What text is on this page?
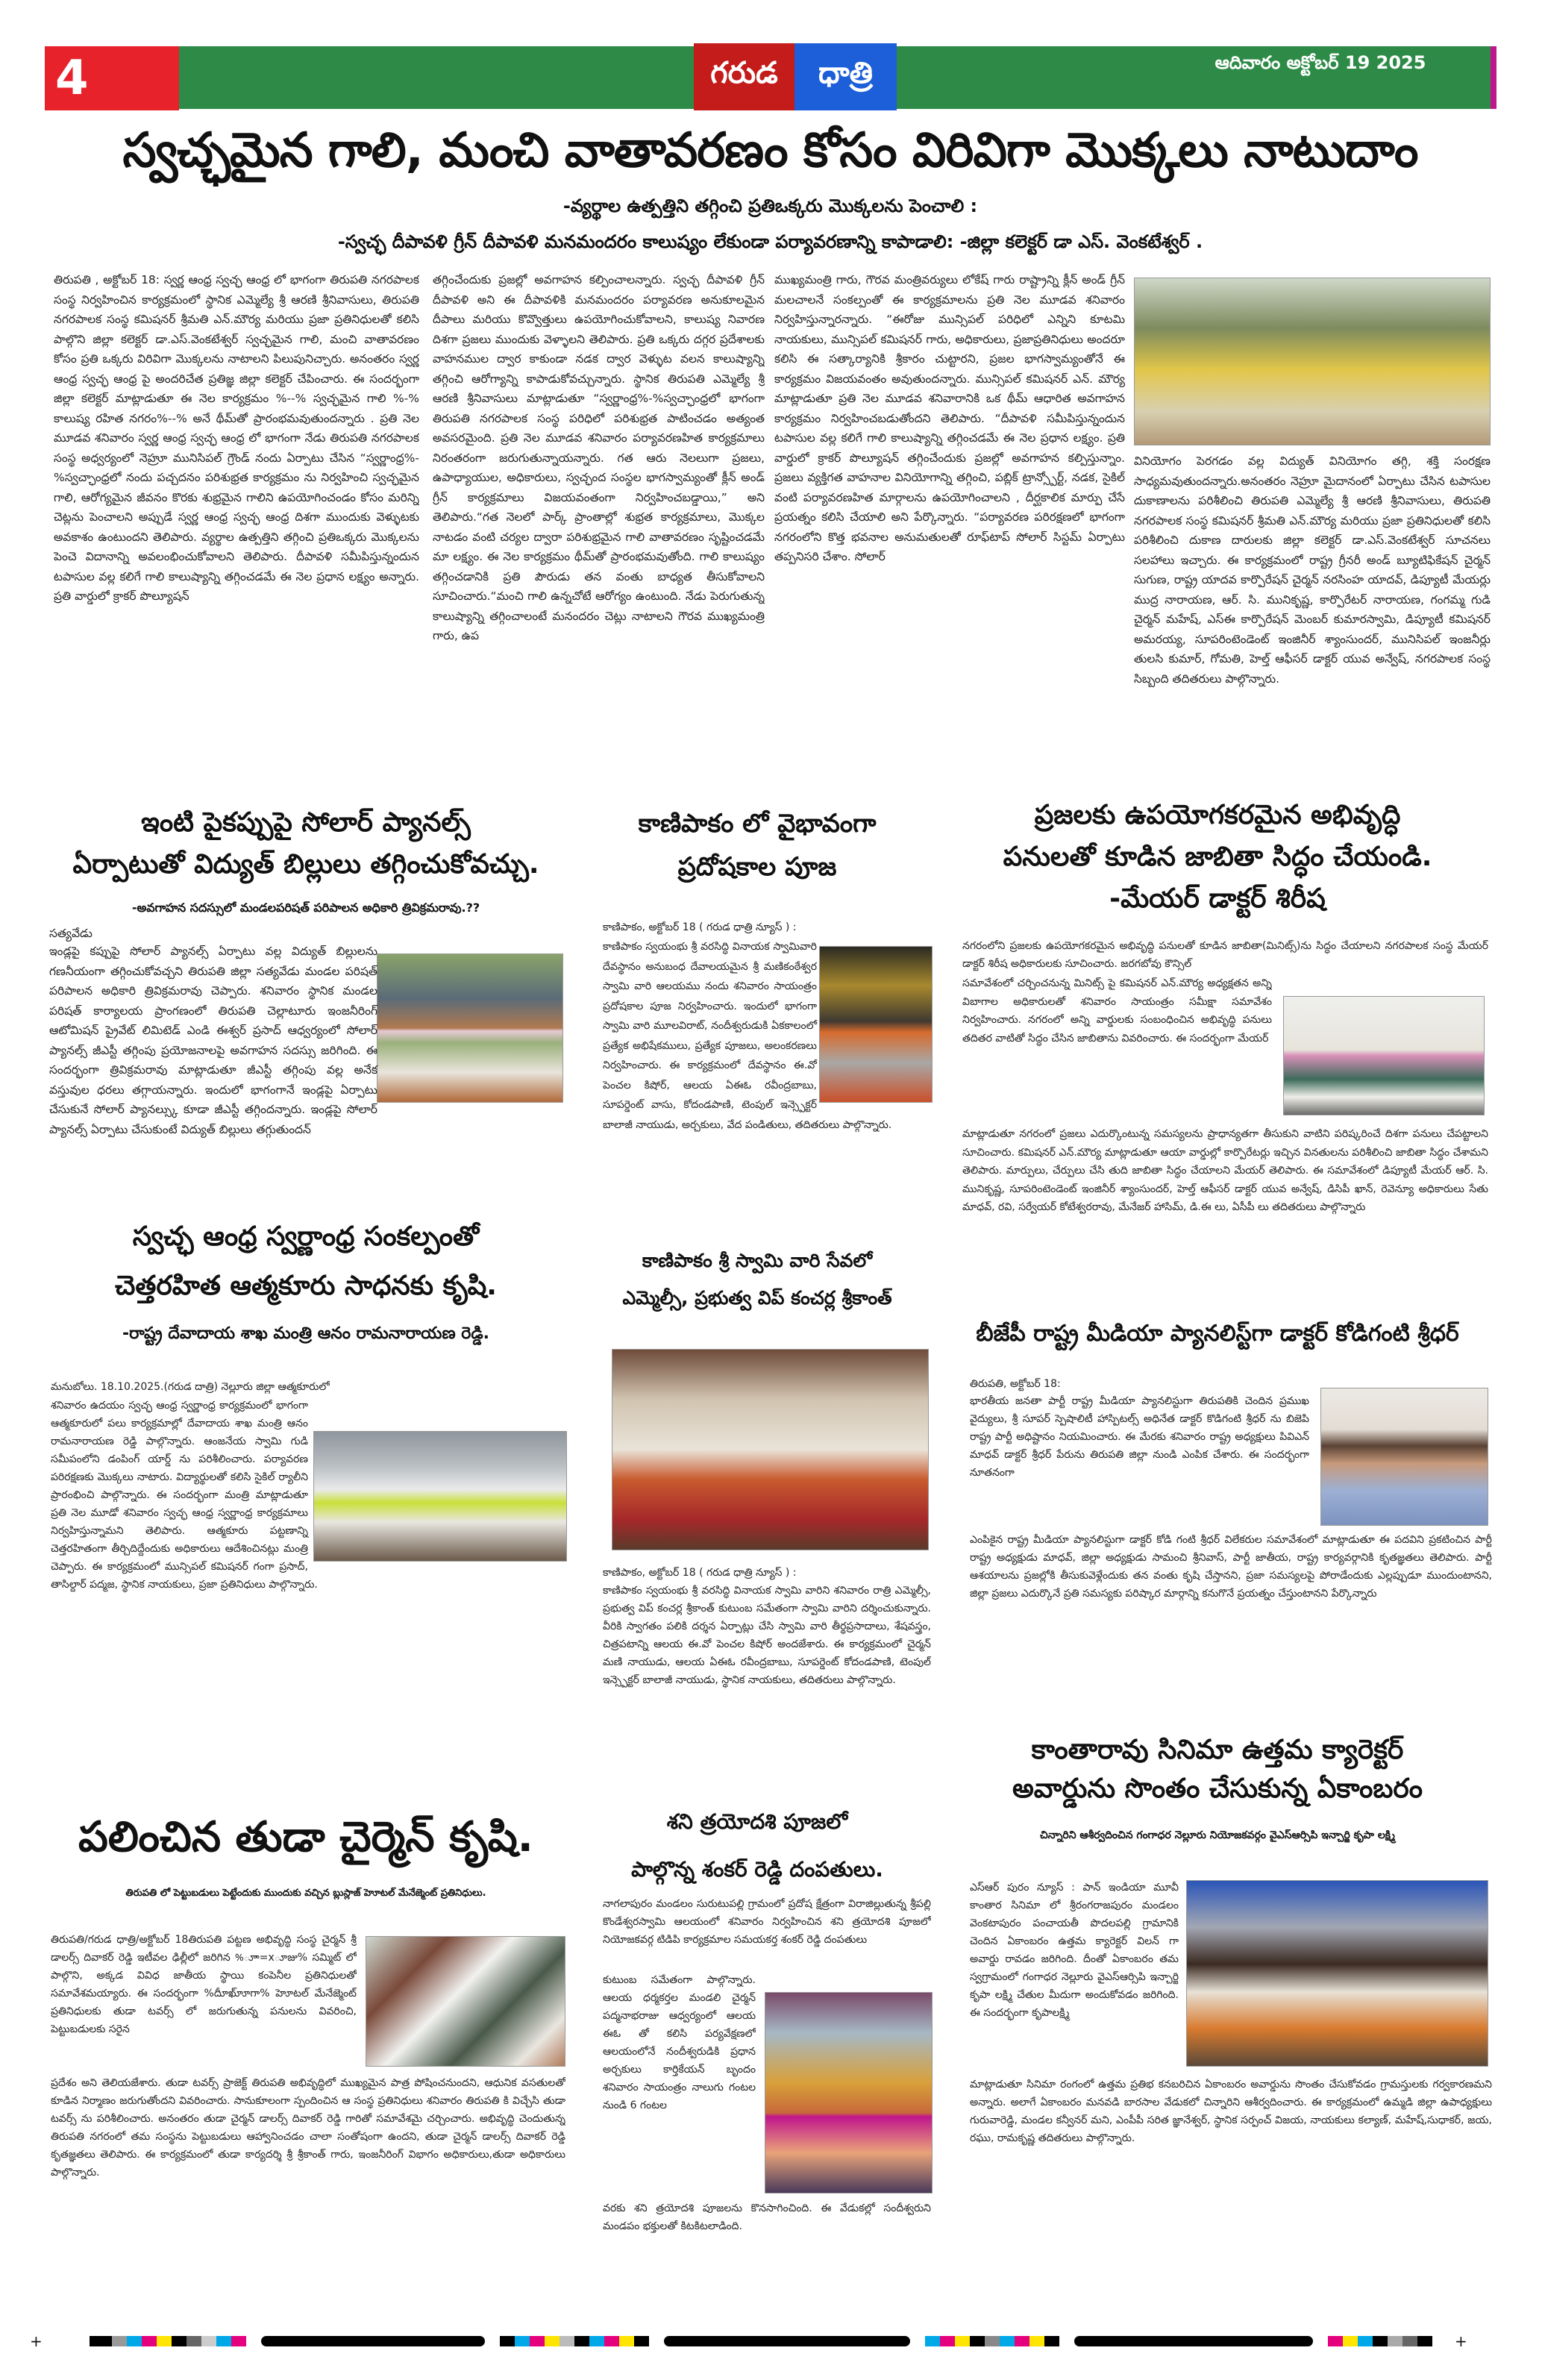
4	గరుడ	ధాత్రి	ఆదివారం అక్టోబర్ 19 2025
స్వచ్ఛమైన గాలి, మంచి వాతావరణం కోసం విరివిగా మొక్కలు నాటుదాం
-వ్యర్థాల ఉత్పత్తిని తగ్గించి ప్రతిఒక్కరు మొక్కలను పెంచాలి :
-స్వచ్ఛ దీపావళి గ్రీన్ దీపావళి మనమందరం కాలుష్యం లేకుండా పర్యావరణాన్ని కాపాడాలి: -జిల్లా కలెక్టర్ డా ఎస్. వెంకటేశ్వర్ .
తిరుపతి , అక్టోబర్ 18: స్వర్ణ ఆంధ్ర స్వచ్ఛ ఆంధ్ర లో భాగంగా తిరుపతి నగరపాలక సంస్థ నిర్వహించిన కార్యక్రమంలో స్థానిక ఎమ్మెల్యే శ్రీ ఆరణి శ్రీనివాసులు, తిరుపతి నగరపాలక సంస్థ కమిషనర్ శ్రీమతి ఎన్.మౌర్య మరియు ప్రజా ప్రతినిధులతో కలిసి పాల్గొని జిల్లా కలెక్టర్ డా.ఎస్.వెంకటేశ్వర్ స్వచ్ఛమైన గాలి, మంచి వాతావరణం కోసం ప్రతి ఒక్కరు విరివిగా మొక్కలను నాటాలని పిలుపునిచ్చారు. అనంతరం స్వర్ణ ఆంధ్ర స్వచ్ఛ ఆంధ్ర పై అందరిచేత ప్రతిజ్ఞ జిల్లా కలెక్టర్ చేపించారు. ఈ సందర్భంగా జిల్లా కలెక్టర్ మాట్లాడుతూ ఈ నెల కార్యక్రమం %--% స్వచ్ఛమైన గాలి %-% కాలుష్య రహిత నగరం%--% అనే థీమ్‌తో ప్రారంభమవుతుందన్నారు . ప్రతి నెల మూడవ శనివారం స్వర్ణ ఆంధ్ర స్వచ్ఛ ఆంధ్ర లో భాగంగా నేడు తిరుపతి నగరపాలక సంస్థ అధ్వర్యంలో నెహ్రూ మునిసిపల్ గ్రౌండ్ నందు ఏర్పాటు చేసిన “స్వర్ణాంధ్ర%-%స్వచ్ఛాంధ్రలో నందు పచ్చదనం పరిశుభ్రత కార్యక్రమం ను నిర్వహించి స్వచ్ఛమైన గాలి, ఆరోగ్యమైన జీవనం కొరకు శుభ్రమైన గాలిని ఉపయోగించండం కోసం మరిన్ని చెట్లను పెంచాలని అప్పుడే స్వర్ణ ఆంధ్ర స్వచ్ఛ ఆంధ్ర దిశగా ముందుకు వెళ్ళుటకు అవకాశం ఉంటుందని తెలిపారు. వ్యర్థాల ఉత్పత్తిని తగ్గించి ప్రతిఒక్కరు మొక్కలను పెంచె విదానాన్ని అవలంభించుకోవాలని తెలిపారు. దీపావళి సమీపిస్తున్నందున టపాసుల వల్ల కలిగే గాలి కాలుష్యాన్ని తగ్గించడమే ఈ నెల ప్రధాన లక్ష్యం అన్నారు. ప్రతి వార్డులో క్రాకర్ పొల్యూషన్
తగ్గించేందుకు ప్రజల్లో అవగాహన కల్పించాలన్నారు. స్వచ్ఛ దీపావళి గ్రీన్ దీపావళి అని ఈ దీపావళికి మనమందరం పర్యావరణ అనుకూలమైన దీపాలు మరియు కొవ్వొత్తులు ఉపయోగించుకోవాలని, కాలుష్య నివారణ దిశగా ప్రజలు ముందుకు వెళ్ళాలని తెలిపారు. ప్రతి ఒక్కరు దగ్గర ప్రదేశాలకు వాహనముల ద్వార కాకుండా నడక ద్వార వెళ్ళుట వలన కాలుష్యాన్ని తగ్గించి ఆరోగ్యాన్ని కాపాడుకోవచ్చున్నారు. స్థానిక తిరుపతి ఎమ్మెల్యే శ్రీ ఆరణి శ్రీనివాసులు మాట్లాడుతూ “స్వర్ణాంధ్ర%-%స్వచ్ఛాంధ్రలో భాగంగా తిరుపతి నగరపాలక సంస్థ పరిధిలో పరిశుభ్రత పాటించడం అత్యంత అవసరమైంది. ప్రతి నెల మూడవ శనివారం పర్యావరణహిత కార్యక్రమాలు నిరంతరంగా జరుగుతున్నాయన్నారు. గత ఆరు నెలలుగా ప్రజలు, ఉపాధ్యాయుల, అధికారులు, స్వచ్ఛంద సంస్థల భాగస్వామ్యంతో క్లీన్ అండ్ గ్రీన్ కార్యక్రమాలు విజయవంతంగా నిర్వహించబడ్డాయి,” అని తెలిపారు.“గత నెలలో పార్క్ ప్రాంతాల్లో శుభ్రత కార్యక్రమాలు, మొక్కల నాటడం వంటి చర్యల ద్వారా పరిశుభ్రమైన గాలి వాతావరణం సృష్టించడమే మా లక్ష్యం. ఈ నెల కార్యక్రమం థీమ్‌తో ప్రారంభమవుతోంది. గాలి కాలుష్యం తగ్గించడానికి ప్రతి పౌరుడు తన వంతు బాధ్యత తీసుకోవాలని సూచించారు.“మంచి గాలి ఉన్నచోటే ఆరోగ్యం ఉంటుంది. నేడు పెరుగుతున్న కాలుష్యాన్ని తగ్గించాలంటే మనందరం చెట్లు నాటాలని గౌరవ ముఖ్యమంత్రి గారు, ఉప
ముఖ్యమంత్రి గారు, గౌరవ మంత్రివర్యులు లోకేష్ గారు రాష్ట్రాన్ని క్లీన్ అండ్ గ్రీన్ మలచాలనే సంకల్పంతో ఈ కార్యక్రమాలను ప్రతి నెల మూడవ శనివారం నిర్వహిస్తున్నారన్నారు. “ఈరోజు మున్సిపల్ పరిధిలో ఎన్నిని కూటమి నాయకులు, మున్సిపల్ కమిషనర్ గారు, అధికారులు, ప్రజాప్రతినిధులు అందరూ కలిసి ఈ సత్కార్యానికి శ్రీకారం చుట్టారని, ప్రజల భాగస్వామ్యంతోనే ఈ కార్యక్రమం విజయవంతం అవుతుందన్నారు. మున్సిపల్ కమిషనర్ ఎన్. మౌర్య మాట్లాడుతూ ప్రతి నెల మూడవ శనివారానికి ఒక థీమ్ ఆధారిత అవగాహన కార్యక్రమం నిర్వహించబడుతోందని తెలిపారు. “దీపావళి సమీపిస్తున్నందున టపాసుల వల్ల కలిగే గాలి కాలుష్యాన్ని తగ్గించడమే ఈ నెల ప్రధాన లక్ష్యం. ప్రతి వార్డులో క్రాకర్ పొల్యూషన్ తగ్గించేందుకు ప్రజల్లో అవగాహన కల్పిస్తున్నాం. ప్రజలు వ్యక్తిగత వాహనాల వినియోగాన్ని తగ్గించి, పబ్లిక్ ట్రాన్స్పోర్ట్, నడక, సైకిల్ వంటి పర్యావరణహిత మార్గాలను ఉపయోగించాలని , దీర్ఘకాలిక మార్పు చేసే ప్రయత్నం కలిసి చేయాలి అని పేర్కొన్నారు. “పర్యావరణ పరిరక్షణలో భాగంగా నగరంలోని కొత్త భవనాల అనుమతులతో రూఫ్‌టాప్ సోలార్ సిస్టమ్ ఏర్పాటు తప్పనిసరి చేశాం. సోలార్
వినియోగం పెరగడం వల్ల విద్యుత్ వినియోగం తగ్గి, శక్తి సంరక్షణ సాధ్యమవుతుందన్నారు.అనంతరం నెహ్రూ మైదానంలో ఏర్పాటు చేసిన టపాసుల దుకాణాలను పరిశీలించి తిరుపతి ఎమ్మెల్యే శ్రీ ఆరణి శ్రీనివాసులు, తిరుపతి నగరపాలక సంస్థ కమిషనర్ శ్రీమతి ఎన్.మౌర్య మరియు ప్రజా ప్రతినిధులతో కలిసి పరిశీలించి దుకాణ దారులకు జిల్లా కలెక్టర్ డా.ఎస్.వెంకటేశ్వర్ సూచనలు సలహాలు ఇచ్చారు. ఈ కార్యక్రమంలో రాష్ట్ర గ్రీనరీ అండ్ బ్యూటిఫికేషన్ చైర్మన్ సుగుణ, రాష్ట్ర యాదవ కార్పొరేషన్ చైర్మన్ నరసింహ యాదవ్, డిప్యూటీ మేయర్లు ముద్ర నారాయణ, ఆర్. సి. మునికృష్ణ, కార్పొరేటర్ నారాయణ, గంగమ్మ గుడి చైర్మన్ మహేష్, ఎస్ఈ కార్పొరేషన్ మెంబర్ కుమారస్వామి, డిప్యూటీ కమిషనర్ అమరయ్య, సూపరింటెండెంట్ ఇంజినీర్ శ్యాంసుందర్, మునిసిపల్ ఇంజనీర్లు తులసి కుమార్, గోమతి, హెల్త్ ఆఫీసర్ డాక్టర్ యువ అన్వేష్, నగరపాలక సంస్థ సిబ్బంది తదితరులు పాల్గొన్నారు.
ఇంటి పైకప్పుపై సోలార్ ప్యానల్స్
ఏర్పాటుతో విద్యుత్ బిల్లులు తగ్గించుకోవచ్చు.
-అవగాహన సదస్సులో మండలపరిషత్ పరిపాలన అధికారి త్రివిక్రమరావు.??
సత్యవేడు
ఇండ్లపై కప్పుపై సోలార్ ప్యానల్స్ ఏర్పాటు వల్ల విద్యుత్ బిల్లులను గణనీయంగా తగ్గించుకోవచ్చని తిరుపతి జిల్లా సత్యవేడు మండల పరిషత్ పరిపాలన అధికారి త్రివిక్రమరావు చెప్పారు. శనివారం స్థానిక మండల పరిషత్ కార్యాలయ ప్రాంగణంలో తిరుపతి చెల్లాటూరు ఇంజనీరింగ్ ఆటోమిషన్ ప్రైవేట్ లిమిటెడ్ ఎండి ఈశ్వర్ ప్రసాద్ ఆధ్వర్యంలో సోలార్ ప్యానల్స్ జీఎస్టీ తగ్గింపు ప్రయోజనాలపై అవగాహన సదస్సు జరిగింది. ఈ సందర్భంగా త్రివిక్రమరావు మాట్లాడుతూ జీఎస్టీ తగ్గింపు వల్ల అనేక వస్తువుల ధరలు తగ్గాయన్నారు. ఇందులో భాగంగానే ఇండ్లపై ఏర్పాటు చేసుకునే సోలార్ ప్యానల్స్కు కూడా జీఎస్టీ తగ్గిందన్నారు. ఇండ్లపై సోలార్ ప్యానల్స్ ఏర్పాటు చేసుకుంటే విద్యుత్ బిల్లులు తగ్గుతుందన్
కాణిపాకం లో వైభావంగా
ప్రదోషకాల పూజ
కాణిపాకం, అక్టోబర్ 18 ( గరుడ ధాత్రి న్యూస్ ) :
కాణిపాకం స్వయంభు శ్రీ వరసిద్ధి వినాయక స్వామివారి దేవస్థానం అనుబంధ దేవాలయమైన శ్రీ మణికంఠేశ్వర స్వామి వారి ఆలయము నందు శనివారం సాయంత్రం ప్రదోషకాల పూజ నిర్వహించారు. ఇందులో భాగంగా స్వామి వారి మూలవిరాట్, నందీశ్వరుడుకి ఏకకాలంలో ప్రత్యేక అభిషేకములు, ప్రత్యేక పూజలు, అలంకరణలు నిర్వహించారు. ఈ కార్యక్రమంలో దేవస్థానం ఈ.వో పెంచల కిషోర్, ఆలయ ఏఈఓ రవీంద్రబాబు, సూపర్డెంట్ వాసు, కోదండపాణి, టెంపుల్ ఇన్స్పెక్టర్ బాలాజీ నాయుడు, అర్చకులు, వేద పండితులు, తదితరులు పాల్గొన్నారు.
ప్రజలకు ఉపయోగకరమైన అభివృద్ధి
పనులతో కూడిన జాబితా సిద్ధం చేయండి.
-మేయర్ డాక్టర్ శిరీష
నగరంలోని ప్రజలకు ఉపయోగకరమైన అభివృద్ధి పనులతో కూడిన జాబితా(మినిట్స్)ను సిద్ధం చేయాలని నగరపాలక సంస్థ మేయర్ డాక్టర్ శిరీష అధికారులకు సూచించారు. జరగబోవు కౌన్సిల్
సమావేశంలో చర్చించనున్న మినిట్స్ పై కమిషనర్ ఎన్.మౌర్య అధ్యక్షతన అన్ని విబాగాల అధికారులతో శనివారం సాయంత్రం సమీక్షా సమావేశం నిర్వహించారు. నగరంలో అన్ని వార్డులకు సంబంధించిన అభివృద్ధి పనులు తదితర వాటితో సిద్ధం చేసిన జాబితాను వివరించారు. ఈ సందర్భంగా మేయర్
మాట్లాడుతూ నగరంలో ప్రజలు ఎదుర్కొంటున్న సమస్యలను ప్రాధాన్యతగా తీసుకుని వాటిని పరిష్కరించే దిశగా పనులు చేపట్టాలని సూచించారు. కమిషనర్ ఎన్.మౌర్య మాట్లాడుతూ ఆయా వార్డుల్లో కార్పొరేటర్లు ఇచ్చిన వినతులను పరిశీలించి జాబితా సిద్ధం చేశామని తెలిపారు. మార్పులు, చేర్పులు చేసి తుది జాబితా సిద్ధం చేయాలని మేయర్ తెలిపారు. ఈ సమావేశంలో డిప్యూటీ మేయర్ ఆర్. సి. మునికృష్ణ, సూపరింటెండెంట్ ఇంజినీర్ శ్యాంసుందర్, హెల్త్ ఆఫీసర్ డాక్టర్ యువ అన్వేష్, డిసిపీ ఖాన్, రెవెన్యూ అధికారులు సేతు మాధవ్, రవి, సర్వేయర్ కోటేశ్వరరావు, మేనేజర్ హాసిమ్, డి.ఈ లు, ఏసీపీ లు తదితరులు పాల్గొన్నారు
స్వచ్ఛ ఆంధ్ర స్వర్ణాంధ్ర సంకల్పంతో
చెత్తరహిత ఆత్మకూరు సాధనకు కృషి.
-రాష్ట్ర దేవాదాయ శాఖ మంత్రి ఆనం రామనారాయణ రెడ్డి.
మనుబోలు. 18.10.2025.(గరుడ దాత్రి) నెల్లూరు జిల్లా ఆత్మకూరులో
శనివారం ఉదయం స్వచ్ఛ ఆంధ్ర స్వర్ణాంధ్ర కార్యక్రమంలో భాగంగా ఆత్మకూరులో పలు కార్యక్రమాల్లో దేవాదాయ శాఖ మంత్రి ఆనం రామనారాయణ రెడ్డి పాల్గొన్నారు. ఆంజనేయ స్వామి గుడి సమీపంలోని డంపింగ్ యార్డ్ ను పరిశీలించారు. పర్యావరణ పరిరక్షణకు మొక్కలు నాటారు. విద్యార్థులతో కలిసి సైకిల్ ర్యాలీని ప్రారంభించి పాల్గొన్నారు. ఈ సందర్భంగా మంత్రి మాట్లాడుతూ ప్రతి నెల మూడో శనివారం స్వచ్ఛ ఆంధ్ర స్వర్ణాంధ్ర కార్యక్రమాలు నిర్వహిస్తున్నామని తెలిపారు. ఆత్మకూరు పట్టణాన్ని చెత్తరహితంగా తీర్చిదిద్దేందుకు అధికారులు ఆదేశించినట్లు మంత్రి చెప్పారు. ఈ కార్యక్రమంలో మున్సిపల్ కమిషనర్ గంగా ప్రసాద్, తాసిల్దార్ పద్మజ, స్థానిక నాయకులు, ప్రజా ప్రతినిధులు పాల్గొన్నారు.
కాణిపాకం శ్రీ స్వామి వారి సేవలో
ఎమ్మెల్సీ, ప్రభుత్వ విప్ కంచర్ల శ్రీకాంత్
కాణిపాకం, అక్టోబర్ 18 ( గరుడ ధాత్రి న్యూస్ ) :
కాణిపాకం స్వయంభు శ్రీ వరసిద్ధి వినాయక స్వామి వారిని శనివారం రాత్రి ఎమ్మెల్సీ, ప్రభుత్వ విప్ కంచర్ల శ్రీకాంత్ కుటుంబ సమేతంగా స్వామి వారిని దర్శించుకున్నారు. వీరికి స్వాగతం పలికి దర్శన ఏర్పాట్లు చేసి స్వామి వారి తీర్థప్రసాదాలు, శేషవస్త్రం, చిత్రపటాన్ని ఆలయ ఈ.వో పెంచల కిషోర్ అందజేశారు. ఈ కార్యక్రమంలో చైర్మన్ మణి నాయుడు, ఆలయ ఏఈఓ రవీంద్రబాబు, సూపర్డెంట్ కోదండపాణి, టెంపుల్ ఇన్స్పెక్టర్ బాలాజీ నాయుడు, స్థానిక నాయకులు, తదితరులు పాల్గొన్నారు.
బీజేపీ రాష్ట్ర మీడియా ప్యానలిస్ట్‌గా డాక్టర్ కోడిగంటి శ్రీధర్
తిరుపతి, అక్టోబర్ 18:
భారతీయ జనతా పార్టీ రాష్ట్ర మీడియా ప్యానలిస్టుగా తిరుపతికి చెందిన ప్రముఖ వైద్యులు, శ్రీ సూపర్ స్పెషాలిటీ హాస్పిటల్స్ అధినేత డాక్టర్ కొడిగంటి శ్రీధర్ ను బిజెపి రాష్ట్ర పార్టీ అధిష్టానం నియమించారు. ఈ మేరకు శనివారం రాష్ట్ర అధ్యక్షులు పివిఎన్ మాధవ్ డాక్టర్ శ్రీధర్ పేరును తిరుపతి జిల్లా నుండి ఎంపిక చేశారు. ఈ సందర్భంగా నూతనంగా
ఎంపికైన రాష్ట్ర మీడియా ప్యానలిస్టుగా డాక్టర్ కోడి గంటి శ్రీధర్ విలేకరుల సమావేశంలో మాట్లాడుతూ ఈ పదవిని ప్రకటించిన పార్టీ రాష్ట్ర అధ్యక్షుడు మాధవ్, జిల్లా అధ్యక్షుడు సామంచి శ్రీనివాస్, పార్టీ జాతీయ, రాష్ట్ర కార్యవర్గానికి కృతజ్ఞతలు తెలిపారు. పార్టీ ఆశయాలను ప్రజల్లోకి తీసుకువెళ్లేందుకు తన వంతు కృషి చేస్తానని, ప్రజా సమస్యలపై పోరాడేందుకు ఎల్లప్పుడూ ముందుంటానని, జిల్లా ప్రజలు ఎదుర్కొనే ప్రతి సమస్యకు పరిష్కార మార్గాన్ని కనుగొనే ప్రయత్నం చేస్తుంటానని పేర్కొన్నారు
కాంతారావు సినిమా ఉత్తమ క్యారెక్టర్
అవార్డును సొంతం చేసుకున్న ఏకాంబరం
చిన్నారిని ఆశీర్వదించిన గంగాధర నెల్లూరు నియోజకవర్గం వైఎస్ఆర్సిపి ఇన్చార్జి కృపా లక్ష్మి
ఎస్ఆర్ పురం న్యూస్ : పాన్ ఇండియా మూవీ కాంతార సినిమా లో శ్రీరంగరాజపురం మండలం వెంకటాపురం పంచాయతీ పొదలపల్లి గ్రామానికి చెందిన ఏకాంబరం ఉత్తమ క్యారెక్టర్ విలన్ గా అవార్డు రావడం జరిగింది. దీంతో ఏకాంబరం తమ స్వగ్రామంలో గంగాధర నెల్లూరు వైఎస్ఆర్సిపి ఇన్చార్జి కృపా లక్ష్మి చేతుల మీదుగా అందుకోవడం జరిగింది. ఈ సందర్భంగా కృపాలక్ష్మి
మాట్లాడుతూ సినిమా రంగంలో ఉత్తమ ప్రతిభ కనబరిచిన ఏకాంబరం అవార్డును సొంతం చేసుకోవడం గ్రామస్తులకు గర్వకారణమని అన్నారు. అలాగే ఏకాంబరం మనవడి బారసాల వేడుకలో చిన్నారిని ఆశీర్వదించారు. ఈ కార్యక్రమంలో ఉమ్మడి జిల్లా ఉపాధ్యక్షులు గురువారెడ్డి, మండల కన్వీనర్ మని, ఎంపీపీ సరిత జ్ఞానేశ్వర్, స్థానిక సర్పంచ్ విజయ, నాయకులు కల్యాణ్, మహేష్,సుధాకర్, జయ, రఘు, రామకృష్ణ తదితరులు పాల్గొన్నారు.
పలించిన తుడా చైర్మెన్ కృషి.
తిరుపతి లో పెట్టుబడులు పెట్టేందుకు ముందుకు వచ్చిన బ్లుస్లాజ్ హెూటల్ మేనేజ్మెంట్ ప్రతినిధులు.
తిరుపతి/గరుడ ధాత్రి/అక్టోబర్ 18తిరుపతి పట్టణ అభివృద్ధి సంస్థ చైర్మన్ శ్రీ డాలర్స్ దివాకర్ రెడ్డి ఇటీవల ఢిల్లీలో జరిగిన %ూా=xూజు% సమ్మిట్ లో పాల్గొని, అక్కడ వివిధ జాతీయ స్థాయి కంపెనీల ప్రతినిధులతో సమావేశమయ్యారు. ఈ సందర్భంగా %దీూఖూూ్గా% హెూటల్ మేనేజ్మెంట్ ప్రతినిధులకు తుడా టవర్స్ లో జరుగుతున్న పనులను వివరించి, పెట్టుబడులకు సరైన
ప్రదేశం అని తెలియజేశారు. తుడా టవర్స్ ప్రాజెక్ట్ తిరుపతి అభివృద్ధిలో ముఖ్యమైన పాత్ర పోషించనుందని, ఆధునిక వసతులతో కూడిన నిర్మాణం జరుగుతోందని వివరించారు. సానుకూలంగా స్పందించిన ఆ సంస్థ ప్రతినిధులు శనివారం తిరుపతి కి విచ్చేసి తుడా టవర్స్ ను పరిశీలించారు. అనంతరం తుడా చైర్మన్ డాలర్స్ దివాకర్ రెడ్డి గారితో సమావేశమై చర్చించారు. అభివృద్ధి చెందుతున్న తిరుపతి నగరంలో తమ సంస్థను పెట్టుబడులు ఆహ్వానించడం చాలా సంతోషంగా ఉందని, తుడా చైర్మన్ డాలర్స్ దివాకర్ రెడ్డి కృతజ్ఞతలు తెలిపారు. ఈ కార్యక్రమంలో తుడా కార్యదర్శి శ్రీ శ్రీకాంత్ గారు, ఇంజనీరింగ్ విభాగం అధికారులు,తుడా అధికారులు పాల్గొన్నారు.
శని త్రయోదశి పూజలో
పాల్గొన్న శంకర్ రెడ్డి దంపతులు.
నాగలాపురం మండలం సురుటుపల్లి గ్రామంలో ప్రదోష క్షేత్రంగా విరాజిల్లుతున్న శ్రీపల్లి కొండేశ్వరస్వామి ఆలయంలో శనివారం నిర్వహించిన శని త్రయోదశి పూజలో నియోజకవర్గ టిడిపి కార్యక్రమాల సమయకర్త శంకర్ రెడ్డి దంపతులు
కుటుంబ సమేతంగా పాల్గొన్నారు. ఆలయ ధర్మకర్తల మండలి చైర్మన్ పద్మనాభరాజు ఆధ్వర్యంలో ఆలయ ఈఓ తో కలిసి పర్యవేక్షణలో ఆలయంలోనే నందీశ్వరుడికి ప్రధాన అర్చకులు కార్తికేయన్ బృందం శనివారం సాయంత్రం నాలుగు గంటల నుండి 6 గంటల
వరకు శని త్రయోదశి పూజలను కొనసాగించింది. ఈ వేడుకల్లో సందీశ్వరుని మండపం భక్తులతో కిటకిటలాడింది.
+	+
